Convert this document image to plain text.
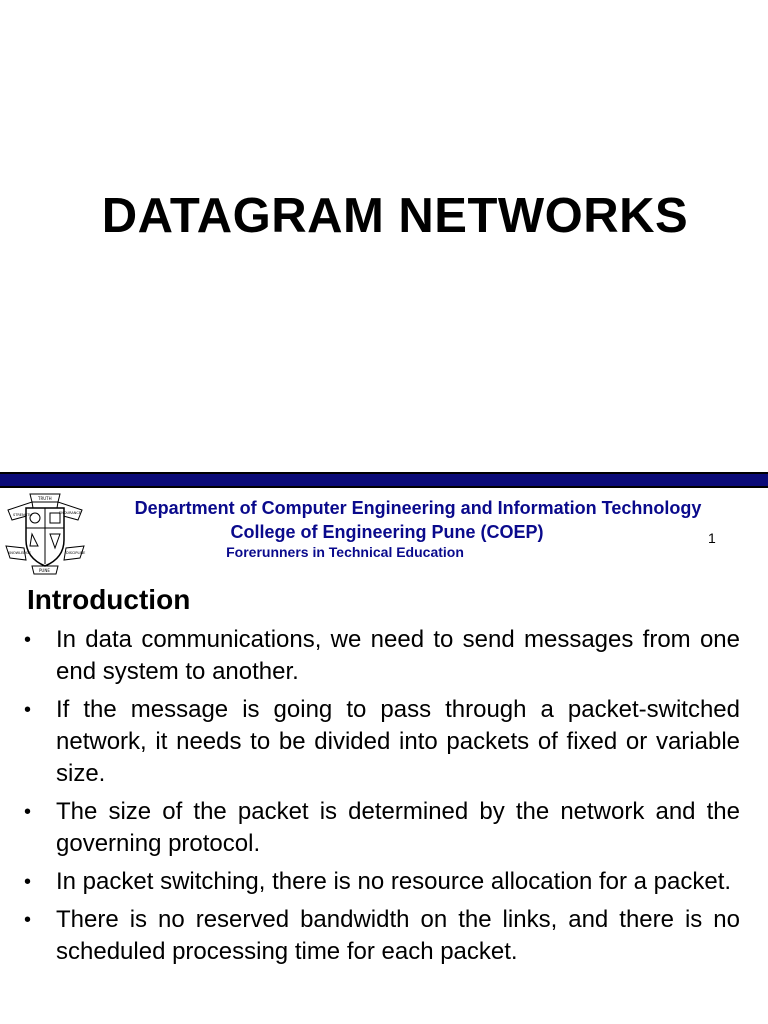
DATAGRAM NETWORKS
TRUTH
STRENGTH	ENDURANCE
KNOWLEDGE	DISCIPLINE
PUNE
Department of Computer Engineering and Information Technology
College of Engineering Pune (COEP)
Forerunners in Technical Education
1
Introduction
• In data communications, we need to send messages from one end system to another.
• If the message is going to pass through a packet-switched network, it needs to be divided into packets of fixed or variable size.
• The size of the packet is determined by the network and the governing protocol.
• In packet switching, there is no resource allocation for a packet.
• There is no reserved bandwidth on the links, and there is no scheduled processing time for each packet.
